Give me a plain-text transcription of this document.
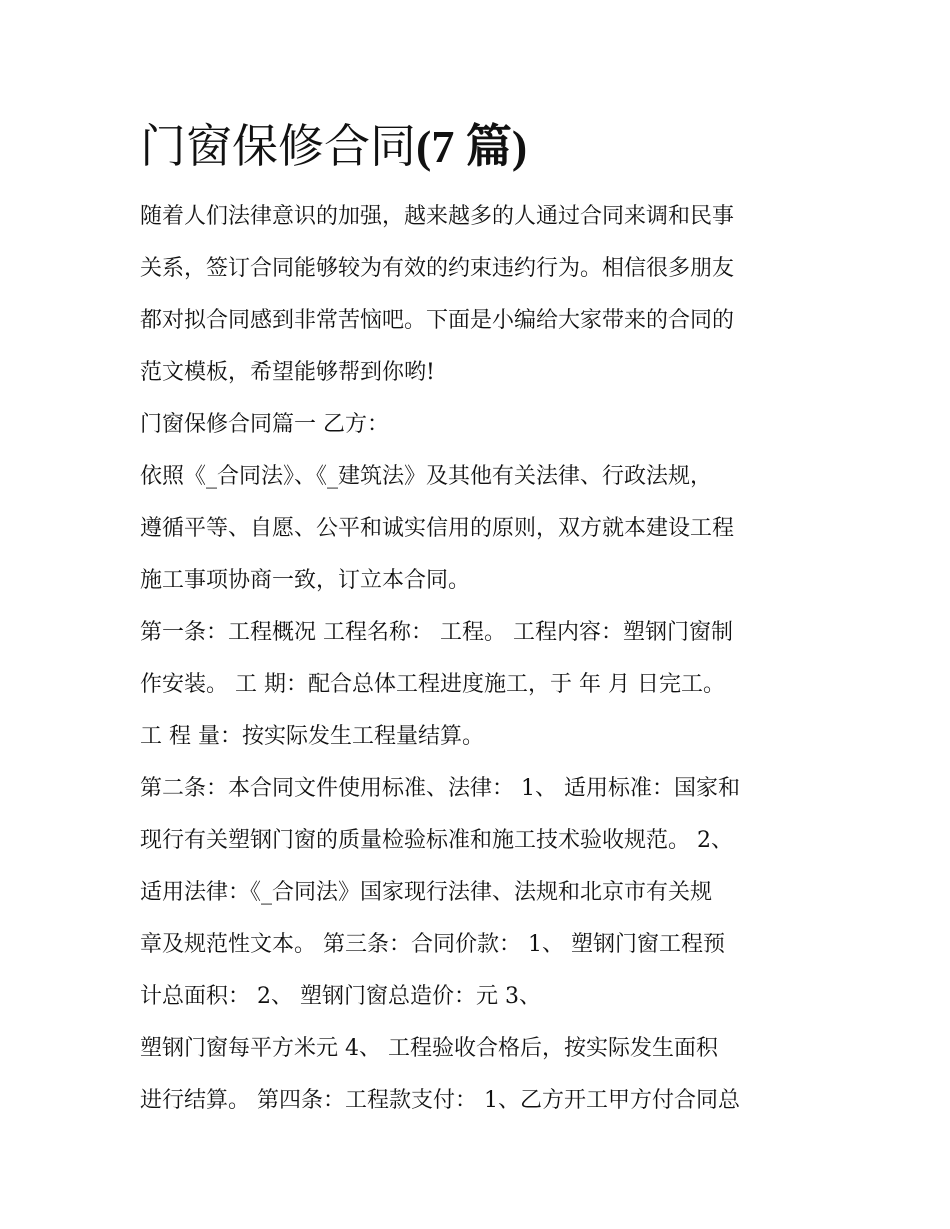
门窗保修合同(7 篇)

随着人们法律意识的加强，越来越多的人通过合同来调和民事

关系，签订合同能够较为有效的约束违约行为。相信很多朋友

都对拟合同感到非常苦恼吧。下面是小编给大家带来的合同的

范文模板，希望能够帮到你哟!

门窗保修合同篇一 乙方：

依照《_合同法》、《_建筑法》及其他有关法律、行政法规，

遵循平等、自愿、公平和诚实信用的原则，双方就本建设工程

施工事项协商一致，订立本合同。

第一条：工程概况 工程名称： 工程。 工程内容：塑钢门窗制

作安装。 工 期：配合总体工程进度施工，于 年 月 日完工。

工 程 量：按实际发生工程量结算。

第二条：本合同文件使用标准、法律： 1、 适用标准：国家和

现行有关塑钢门窗的质量检验标准和施工技术验收规范。 2、

适用法律：《_合同法》国家现行法律、法规和北京市有关规

章及规范性文本。 第三条：合同价款： 1、 塑钢门窗工程预

计总面积： 2、 塑钢门窗总造价：元 3、

塑钢门窗每平方米元 4、 工程验收合格后，按实际发生面积

进行结算。 第四条：工程款支付： 1、乙方开工甲方付合同总
